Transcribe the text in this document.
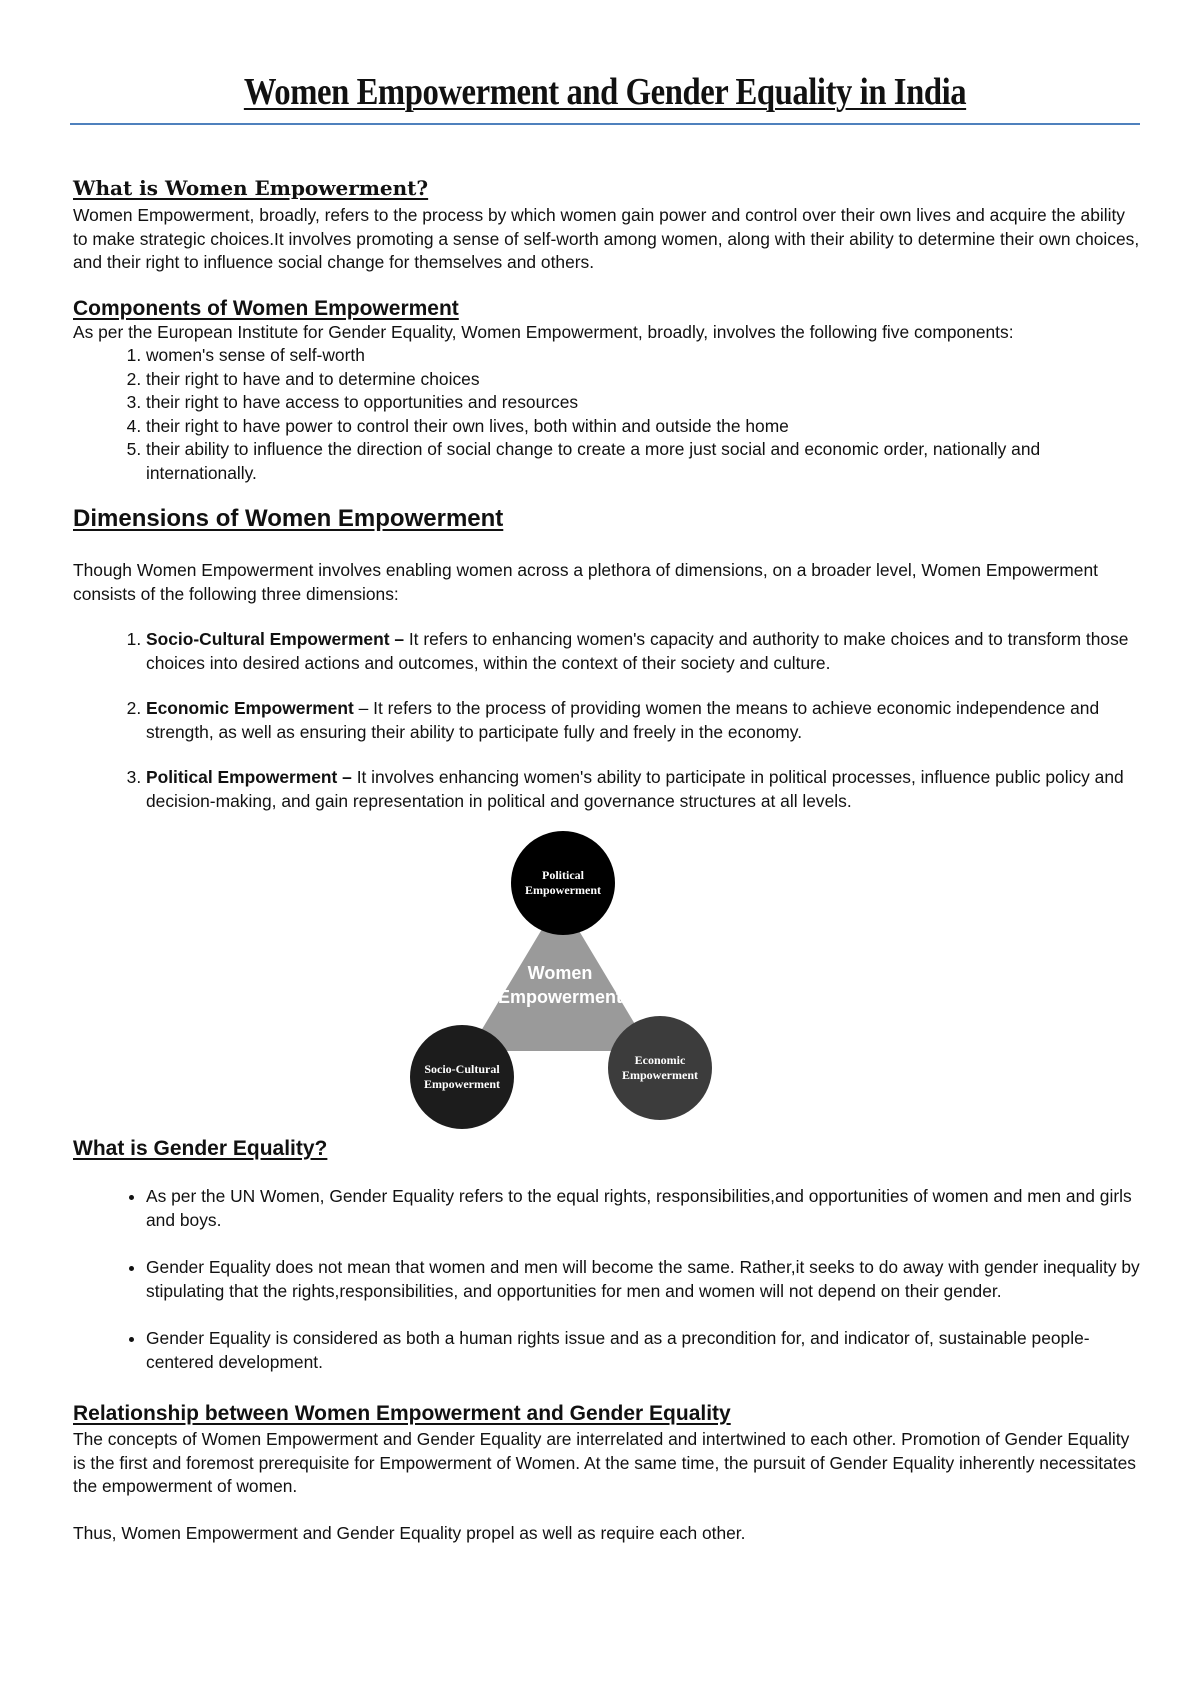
Women Empowerment and Gender Equality in India
What is Women Empowerment?

Women Empowerment, broadly, refers to the process by which women gain power and control over their own lives and acquire the ability to make strategic choices.It involves promoting a sense of self-worth among women, along with their ability to determine their own choices, and their right to influence social change for themselves and others.

Components of Women Empowerment

As per the European Institute for Gender Equality, Women Empowerment, broadly, involves the following five components:

1. women's sense of self-worth
2. their right to have and to determine choices
3. their right to have access to opportunities and resources
4. their right to have power to control their own lives, both within and outside the home
5. their ability to influence the direction of social change to create a more just social and economic order, nationally and internationally.
Dimensions of Women Empowerment

Though Women Empowerment involves enabling women across a plethora of dimensions, on a broader level, Women Empowerment consists of the following three dimensions:

1. Socio-Cultural Empowerment – It refers to enhancing women's capacity and authority to make choices and to transform those choices into desired actions and outcomes, within the context of their society and culture.
2. Economic Empowerment – It refers to the process of providing women the means to achieve economic independence and strength, as well as ensuring their ability to participate fully and freely in the economy.
3. Political Empowerment – It involves enhancing women's ability to participate in political processes, influence public policy and decision-making, and gain representation in political and governance structures at all levels.
Women
Empowerment
Political
Empowerment
Socio-Cultural
Empowerment
Economic
Empowerment
What is Gender Equality?
• As per the UN Women, Gender Equality refers to the equal rights, responsibilities,and opportunities of women and men and girls and boys.
• Gender Equality does not mean that women and men will become the same. Rather,it seeks to do away with gender inequality by stipulating that the rights,responsibilities, and opportunities for men and women will not depend on their gender.
• Gender Equality is considered as both a human rights issue and as a precondition for, and indicator of, sustainable people-centered development.
Relationship between Women Empowerment and Gender Equality

The concepts of Women Empowerment and Gender Equality are interrelated and intertwined to each other. Promotion of Gender Equality is the first and foremost prerequisite for Empowerment of Women. At the same time, the pursuit of Gender Equality inherently necessitates the empowerment of women.

Thus, Women Empowerment and Gender Equality propel as well as require each other.
